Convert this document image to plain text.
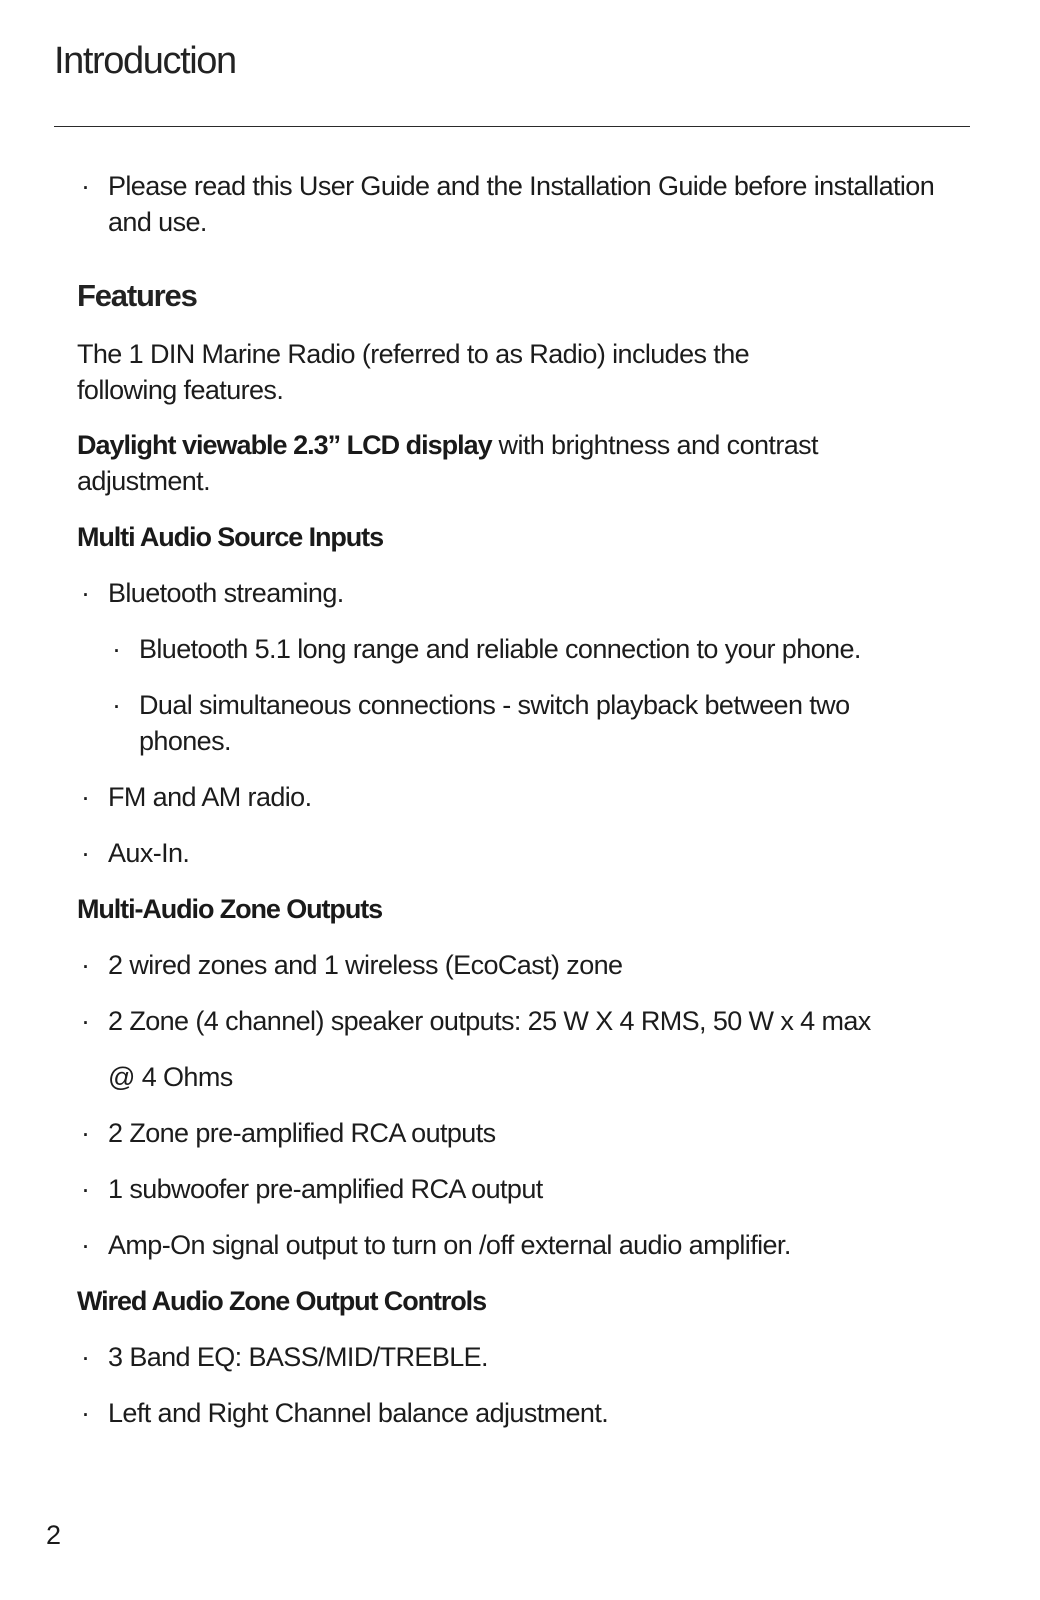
Introduction
· Please read this User Guide and the Installation Guide before installation and use.
Features

The 1 DIN Marine Radio (referred to as Radio) includes the following features.

Daylight viewable 2.3” LCD display with brightness and contrast adjustment.

Multi Audio Source Inputs
· Bluetooth streaming.
· Bluetooth 5.1 long range and reliable connection to your phone.
· Dual simultaneous connections - switch playback between two phones.
· FM and AM radio.
· Aux-In.
Multi-Audio Zone Outputs
· 2 wired zones and 1 wireless (EcoCast) zone
· 2 Zone (4 channel) speaker outputs: 25 W X 4 RMS, 50 W x 4 max
@ 4 Ohms
· 2 Zone pre-amplified RCA outputs
· 1 subwoofer pre-amplified RCA output
· Amp-On signal output to turn on /off external audio amplifier.
Wired Audio Zone Output Controls
· 3 Band EQ: BASS/MID/TREBLE.
· Left and Right Channel balance adjustment.
2
